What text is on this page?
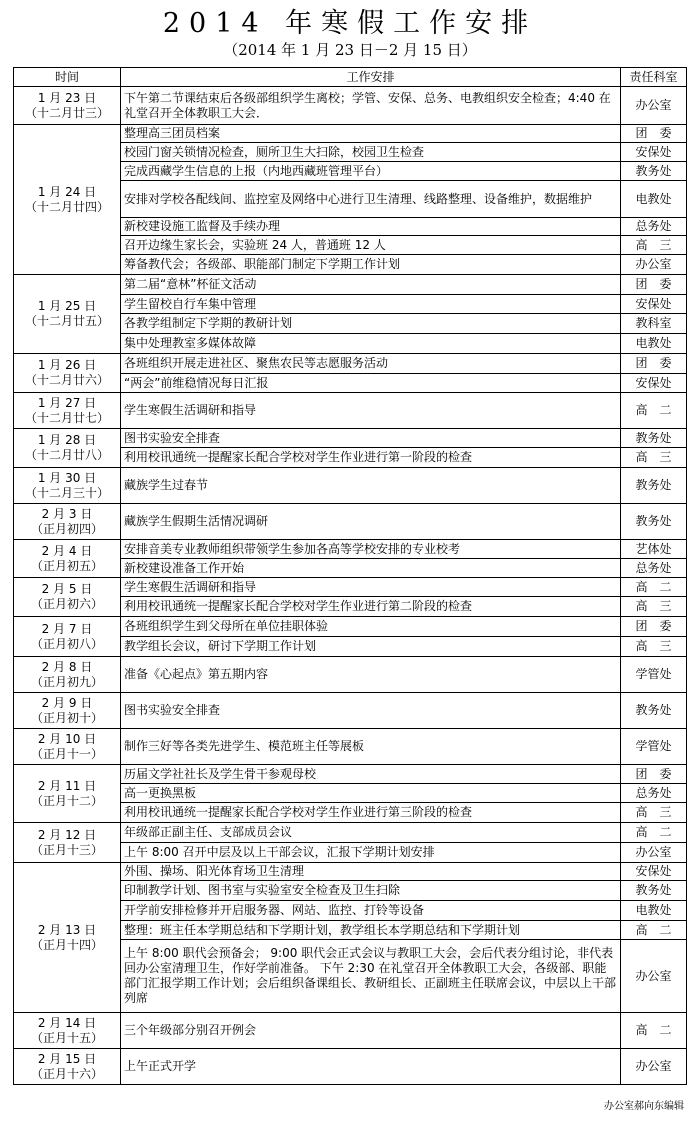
2014 年寒假工作安排
（2014 年 1 月 23 日－2 月 15 日）
时间	工作安排	责任科室

1 月 23 日
（十二月廿三）	下午第二节课结束后各级部组织学生离校；学管、安保、总务、电教组织安全检查；4:40 在礼堂召开全体教职工大会．	办公室

1 月 24 日
（十二月廿四）	整理高三团员档案	团　委
	校园门窗关锁情况检查，厕所卫生大扫除，校园卫生检查	安保处
	完成西藏学生信息的上报（内地西藏班管理平台）	教务处
	安排对学校各配线间、监控室及网络中心进行卫生清理、线路整理、设备维护，数据维护	电教处
	新校建设施工监督及手续办理	总务处
	召开边缘生家长会，实验班 24 人，普通班 12 人	高　三
	筹备教代会；各级部、职能部门制定下学期工作计划	办公室

1 月 25 日
（十二月廿五）	第二届“意林”杯征文活动	团　委
	学生留校自行车集中管理	安保处
	各教学组制定下学期的教研计划	教科室
	集中处理教室多媒体故障	电教处

1 月 26 日
（十二月廿六）	各班组织开展走进社区、聚焦农民等志愿服务活动	团　委
	“两会”前维稳情况每日汇报	安保处

1 月 27 日
（十二月廿七）	学生寒假生活调研和指导	高　二

1 月 28 日
（十二月廿八）	图书实验安全排查	教务处
	利用校讯通统一提醒家长配合学校对学生作业进行第一阶段的检查	高　三

1 月 30 日
（十二月三十）	藏族学生过春节	教务处

2 月 3 日
（正月初四）	藏族学生假期生活情况调研	教务处

2 月 4 日
（正月初五）	安排音美专业教师组织带领学生参加各高等学校安排的专业校考	艺体处
	新校建设准备工作开始	总务处

2 月 5 日
（正月初六）	学生寒假生活调研和指导	高　二
	利用校讯通统一提醒家长配合学校对学生作业进行第二阶段的检查	高　三

2 月 7 日
（正月初八）	各班组织学生到父母所在单位挂职体验	团　委
	教学组长会议，研讨下学期工作计划	高　三

2 月 8 日
（正月初九）	准备《心起点》第五期内容	学管处

2 月 9 日
（正月初十）	图书实验安全排查	教务处

2 月 10 日
（正月十一）	制作三好等各类先进学生、模范班主任等展板	学管处

2 月 11 日
（正月十二）	历届文学社社长及学生骨干参观母校	团　委
	高一更换黑板	总务处
	利用校讯通统一提醒家长配合学校对学生作业进行第三阶段的检查	高　三

2 月 12 日
（正月十三）	年级部正副主任、支部成员会议	高　二
	上午 8:00 召开中层及以上干部会议，汇报下学期计划安排	办公室

2 月 13 日
（正月十四）	外围、操场、阳光体育场卫生清理	安保处
	印制教学计划、图书室与实验室安全检查及卫生扫除	教务处
	开学前安排检修并开启服务器、网站、监控、打铃等设备	电教处
	整理：班主任本学期总结和下学期计划，教学组长本学期总结和下学期计划	高　二
	上午 8:00 职代会预备会； 9:00 职代会正式会议与教职工大会，会后代表分组讨论，非代表回办公室清理卫生，作好学前准备。 下午 2:30 在礼堂召开全体教职工大会，各级部、职能部门汇报学期工作计划；会后组织备课组长、教研组长、正副班主任联席会议，中层以上干部列席	办公室

2 月 14 日
（正月十五）	三个年级部分别召开例会	高　二

2 月 15 日
（正月十六）	上午正式开学	办公室
办公室郝向东编辑
